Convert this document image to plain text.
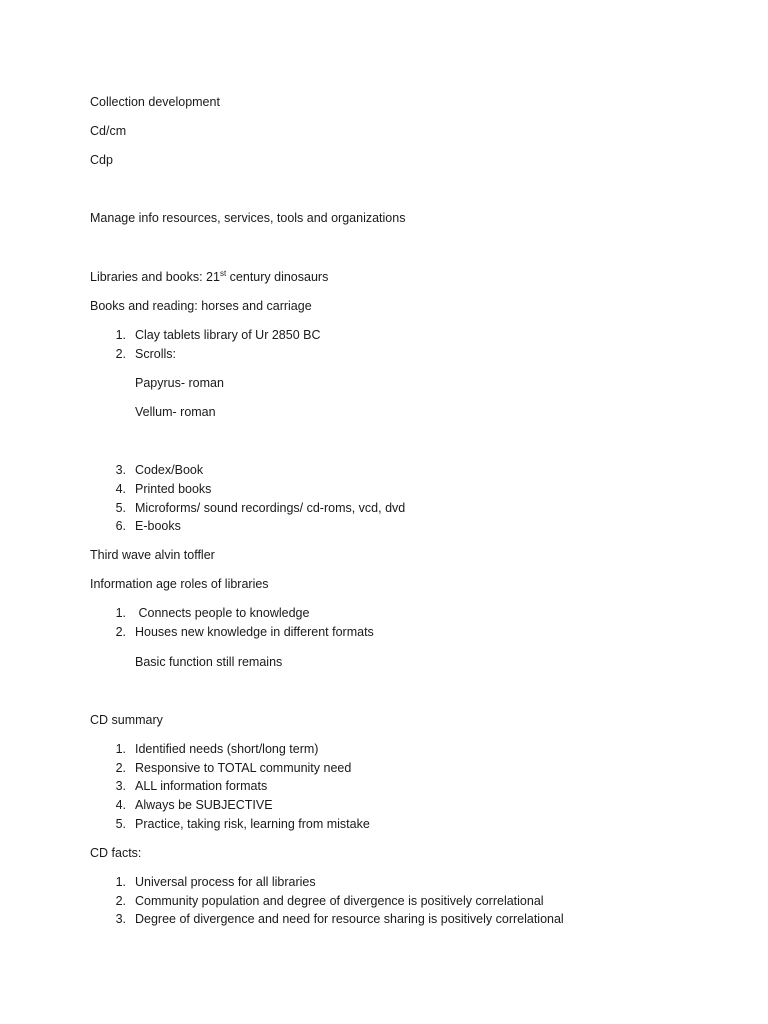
Collection development
Cd/cm
Cdp
Manage info resources, services, tools and organizations
Libraries and books: 21st century dinosaurs
Books and reading: horses and carriage
1. Clay tablets library of Ur 2850 BC
2. Scrolls:
Papyrus- roman
Vellum- roman
3. Codex/Book
4. Printed books
5. Microforms/ sound recordings/ cd-roms, vcd, dvd
6. E-books
Third wave alvin toffler
Information age roles of libraries
1. Connects people to knowledge
2. Houses new knowledge in different formats
Basic function still remains
CD summary
1. Identified needs (short/long term)
2. Responsive to TOTAL community need
3. ALL information formats
4. Always be SUBJECTIVE
5. Practice, taking risk, learning from mistake
CD facts:
1. Universal process for all libraries
2. Community population and degree of divergence is positively correlational
3. Degree of divergence and need for resource sharing is positively correlational
